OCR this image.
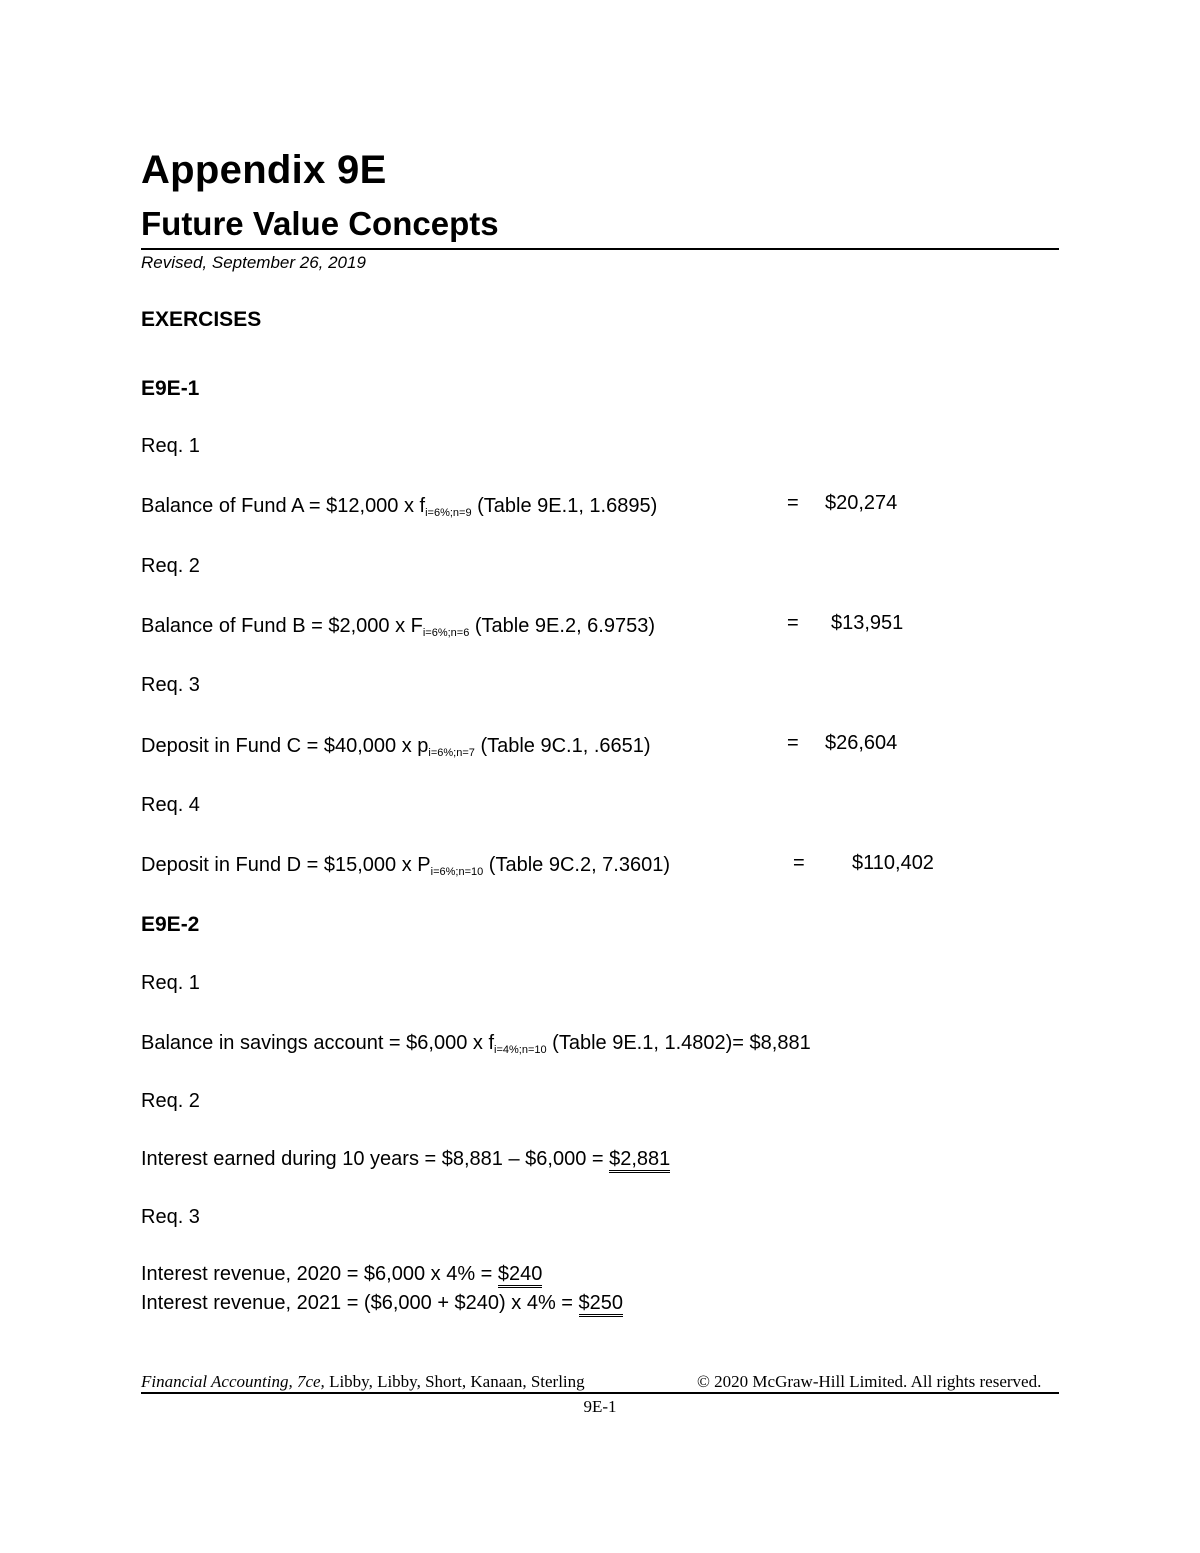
Appendix 9E
Future Value Concepts
Revised, September 26, 2019
EXERCISES
E9E-1
Req. 1
Balance of Fund A = $12,000 x $f_{i=6\%;n=9}$ (Table 9E.1, 1.6895)	= $20,274
Req. 2
Balance of Fund B = $2,000 x $F_{i=6\%;n=6}$ (Table 9E.2, 6.9753)	= $13,951
Req. 3
Deposit in Fund C = $40,000 x $p_{i=6\%;n=7}$ (Table 9C.1, .6651)	= $26,604
Req. 4
Deposit in Fund D = $15,000 x $P_{i=6\%;n=10}$ (Table 9C.2, 7.3601)	= $110,402
E9E-2
Req. 1
Balance in savings account = $6,000 x $f_{i=4\%;n=10}$ (Table 9E.1, 1.4802)= $8,881
Req. 2
Interest earned during 10 years = $8,881 – $6,000 = $2,881
Req. 3
Interest revenue, 2020 = $6,000 x 4% = $240
Interest revenue, 2021 = ($6,000 + $240) x 4% = $250
Financial Accounting, 7ce, Libby, Libby, Short, Kanaan, Sterling	© 2020 McGraw-Hill Limited. All rights reserved.
9E-1
